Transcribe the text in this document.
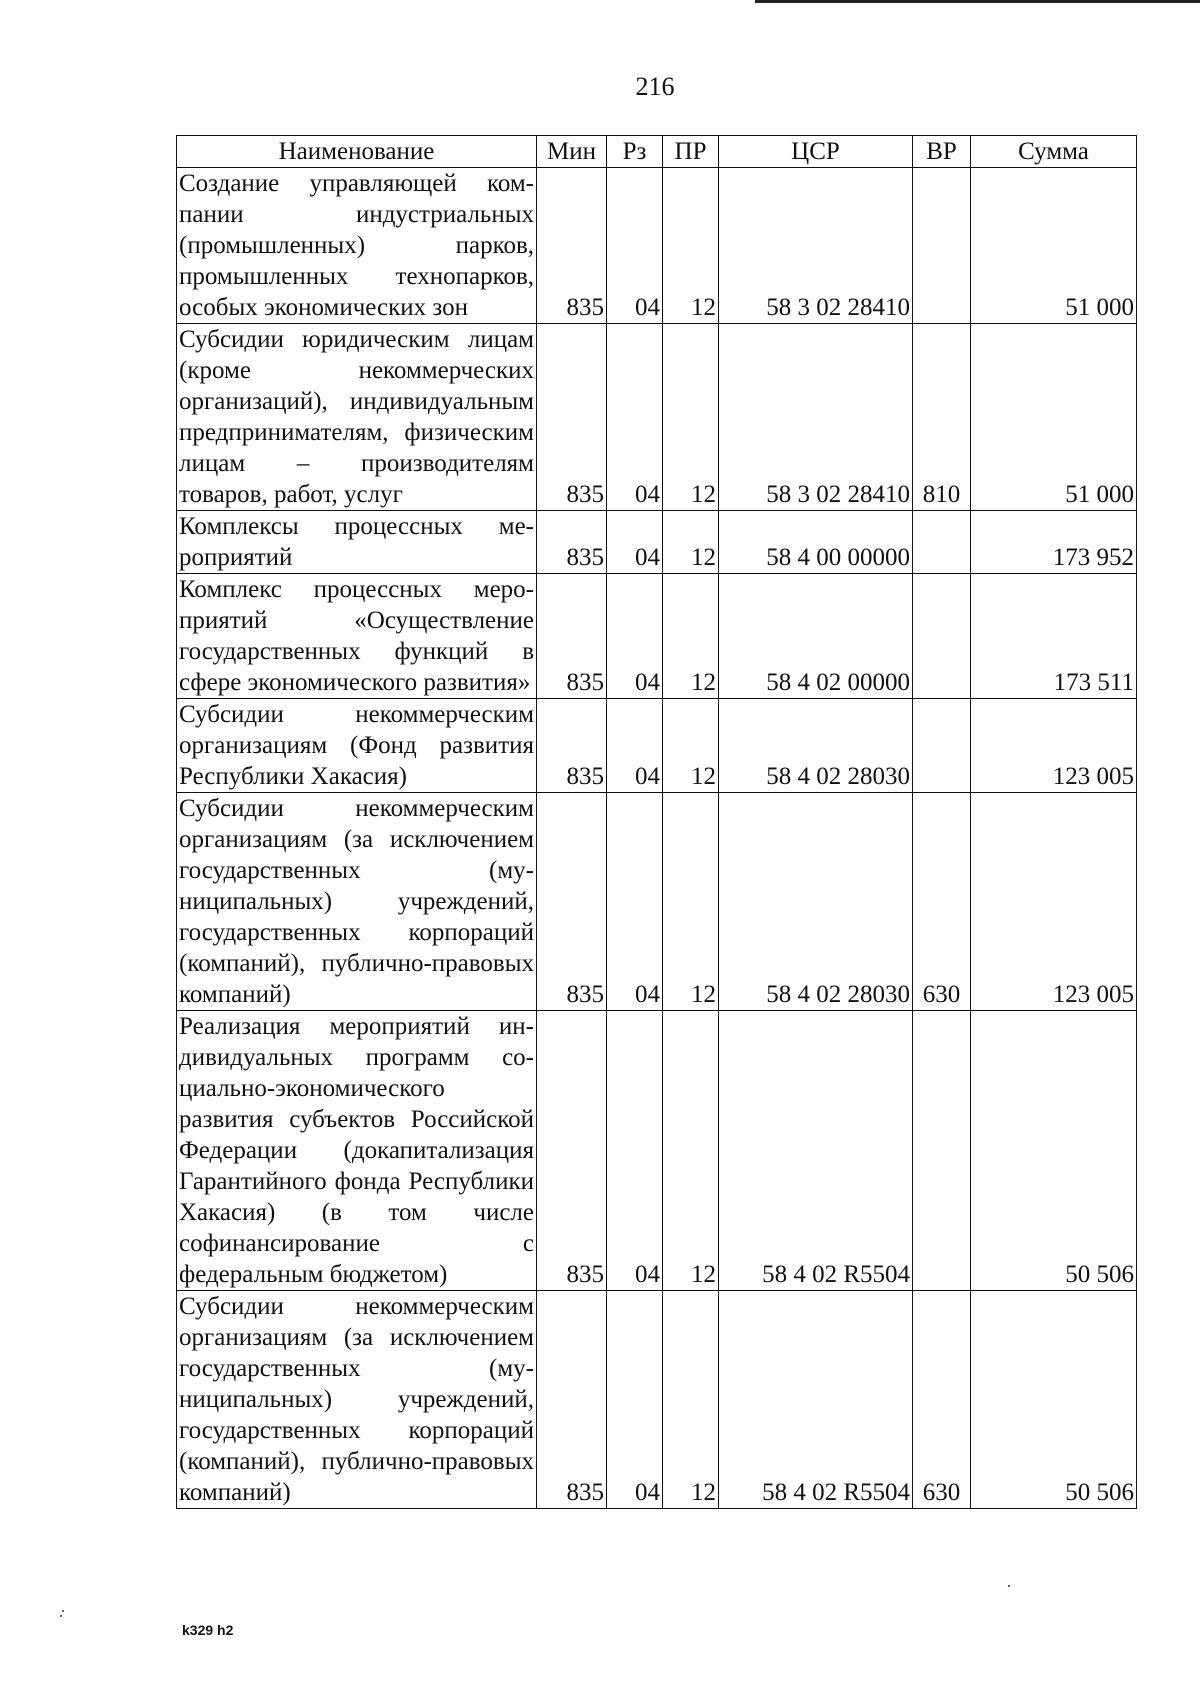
216
Наименование	Мин	Рз	ПР	ЦСР	ВР	Сумма
Создание управляющей компании индустриальных (промышленных) парков, промышленных технопарков, особых экономических зон	835	04	12	58 3 02 28410		51 000
Субсидии юридическим лицам (кроме некоммерческих организаций), индивидуальным предпринимателям, физическим лицам – производителям товаров, работ, услуг	835	04	12	58 3 02 28410	810	51 000
Комплексы процессных мероприятий	835	04	12	58 4 00 00000		173 952
Комплекс процессных мероприятий «Осуществление государственных функций в сфере экономического развития»	835	04	12	58 4 02 00000		173 511
Субсидии некоммерческим организациям (Фонд развития Республики Хакасия)	835	04	12	58 4 02 28030		123 005
Субсидии некоммерческим организациям (за исключением государственных (муниципальных) учреждений, государственных корпораций (компаний), публично-правовых компаний)	835	04	12	58 4 02 28030	630	123 005
Реализация мероприятий индивидуальных программ социально-экономического развития субъектов Российской Федерации (докапитализация Гарантийного фонда Республики Хакасия) (в том числе софинансирование с федеральным бюджетом)	835	04	12	58 4 02 R5504		50 506
Субсидии некоммерческим организациям (за исключением государственных (муниципальных) учреждений, государственных корпораций (компаний), публично-правовых компаний)	835	04	12	58 4 02 R5504	630	50 506
k329 h2
